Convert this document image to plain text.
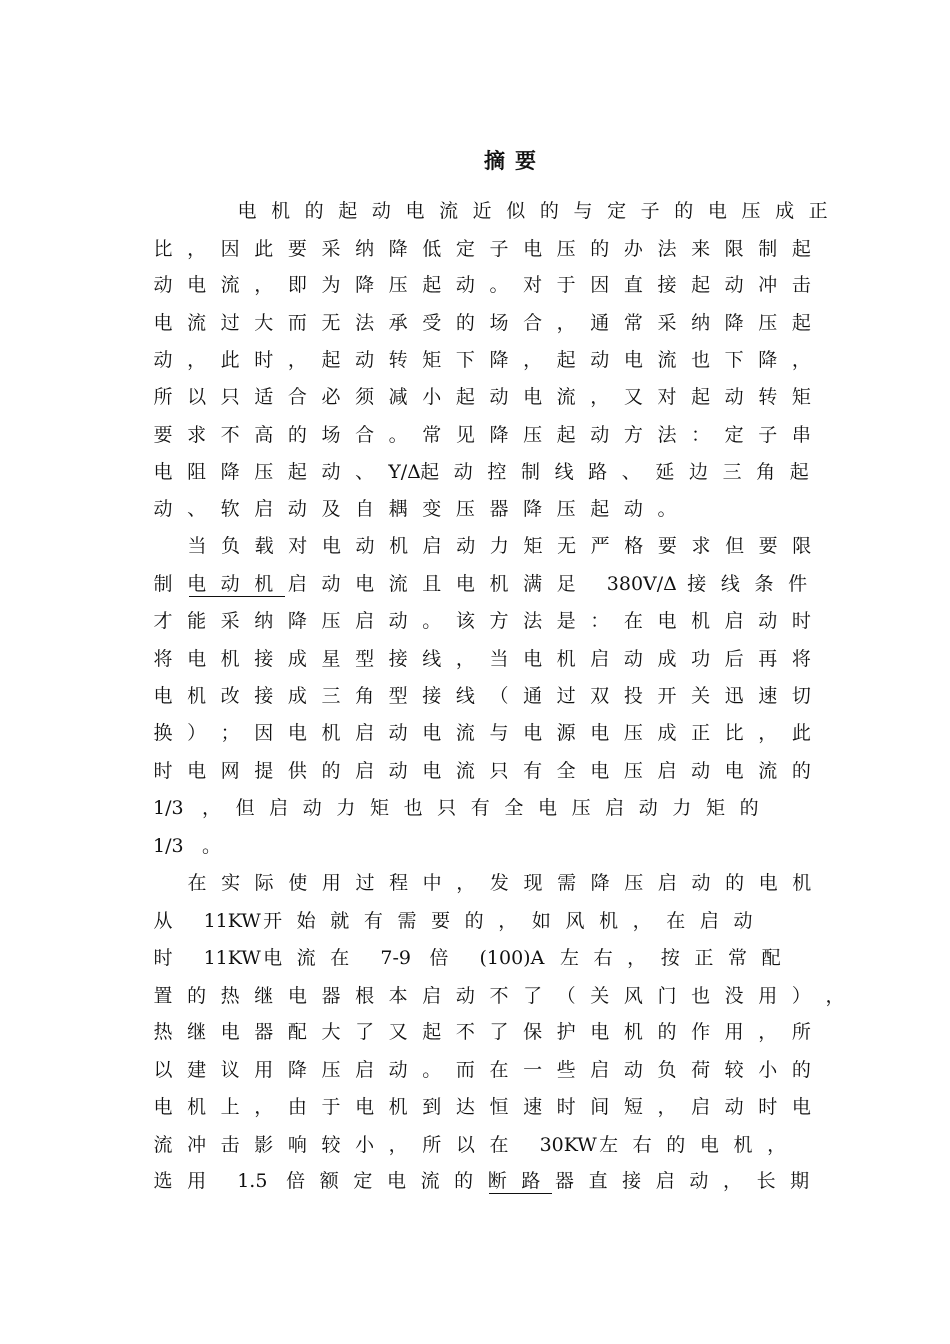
摘要
电 机 的 起 动 电 流 近 似 的 与 定 子 的 电 压 成 正
比 ， 因 此 要 采 纳 降 低 定 子 电 压 的 办 法 来 限 制 起
动 电 流 ， 即 为 降 压 起 动 。 对 于 因 直 接 起 动 冲 击
电 流 过 大 而 无 法 承 受 的 场 合 ， 通 常 采 纳 降 压 起
动 ， 此 时 ， 起 动 转 矩 下 降 ， 起 动 电 流 也 下 降 ，
所 以 只 适 合 必 须 减 小 起 动 电 流 ， 又 对 起 动 转 矩
要 求 不 高 的 场 合 。 常 见 降 压 起 动 方 法 ： 定 子 串
电 阻 降 压 起 动 、 Y/Δ 起 动 控 制 线 路 、 延 边 三 角 起
动 、 软 启 动 及 自 耦 变 压 器 降 压 起 动 。
当 负 载 对 电 动 机 启 动 力 矩 无 严 格 要 求 但 要 限
制 电 动 机 启 动 电 流 且 电 机 满 足 380V/Δ 接 线 条 件
才 能 采 纳 降 压 启 动 。 该 方 法 是 ： 在 电 机 启 动 时
将 电 机 接 成 星 型 接 线 ， 当 电 机 启 动 成 功 后 再 将
电 机 改 接 成 三 角 型 接 线 （ 通 过 双 投 开 关 迅 速 切
换 ） ； 因 电 机 启 动 电 流 与 电 源 电 压 成 正 比 ， 此
时 电 网 提 供 的 启 动 电 流 只 有 全 电 压 启 动 电 流 的
1/3 ， 但 启 动 力 矩 也 只 有 全 电 压 启 动 力 矩 的
1/3 。
在 实 际 使 用 过 程 中 ， 发 现 需 降 压 启 动 的 电 机
从 11KW 开 始 就 有 需 要 的 ， 如 风 机 ， 在 启 动
时 11KW 电 流 在 7-9 倍 (100)A 左 右 ， 按 正 常 配
置 的 热 继 电 器 根 本 启 动 不 了 （ 关 风 门 也 没 用 ） ，
热 继 电 器 配 大 了 又 起 不 了 保 护 电 机 的 作 用 ， 所
以 建 议 用 降 压 启 动 。 而 在 一 些 启 动 负 荷 较 小 的
电 机 上 ， 由 于 电 机 到 达 恒 速 时 间 短 ， 启 动 时 电
流 冲 击 影 响 较 小 ， 所 以 在 30KW 左 右 的 电 机 ，
选 用 1.5 倍 额 定 电 流 的 断 路 器 直 接 启 动 ， 长 期
